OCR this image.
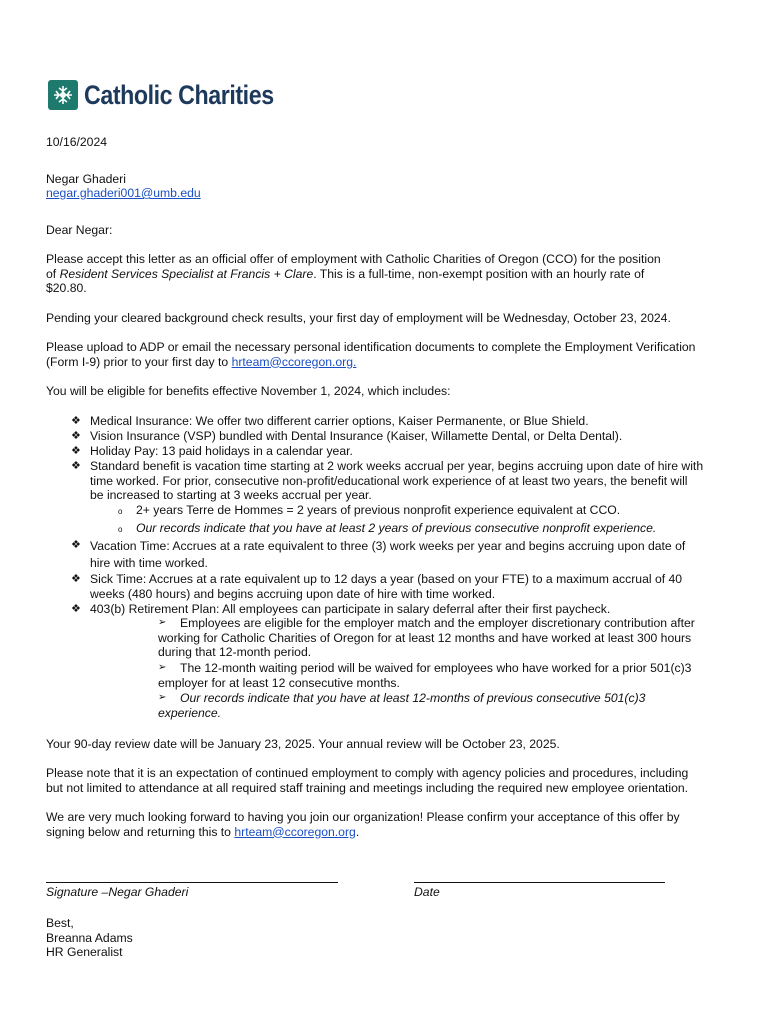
Catholic Charities

10/16/2024

Negar Ghaderi

negar.ghaderi001@umb.edu

Dear Negar:

Please accept this letter as an official offer of employment with Catholic Charities of Oregon (CCO) for the position
of Resident Services Specialist at Francis + Clare. This is a full-time, non-exempt position with an hourly rate of
$20.80.

Pending your cleared background check results, your first day of employment will be Wednesday, October 23, 2024.

Please upload to ADP or email the necessary personal identification documents to complete the Employment Verification
(Form I-9) prior to your first day to hrteam@ccoregon.org.

You will be eligible for benefits effective November 1, 2024, which includes:

❖ Medical Insurance: We offer two different carrier options, Kaiser Permanente, or Blue Shield.

❖ Vision Insurance (VSP) bundled with Dental Insurance (Kaiser, Willamette Dental, or Delta Dental).

❖ Holiday Pay: 13 paid holidays in a calendar year.

❖ Standard benefit is vacation time starting at 2 work weeks accrual per year, begins accruing upon date of hire with
time worked. For prior, consecutive non-profit/educational work experience of at least two years, the benefit will
be increased to starting at 3 weeks accrual per year.
o 2+ years Terre de Hommes = 2 years of previous nonprofit experience equivalent at CCO.

o Our records indicate that you have at least 2 years of previous consecutive nonprofit experience.

❖ Vacation Time: Accrues at a rate equivalent to three (3) work weeks per year and begins accruing upon date of
hire with time worked.
❖ Sick Time: Accrues at a rate equivalent up to 12 days a year (based on your FTE) to a maximum accrual of 40
weeks (480 hours) and begins accruing upon date of hire with time worked.
❖ 403(b) Retirement Plan: All employees can participate in salary deferral after their first paycheck.

➢	Employees are eligible for the employer match and the employer discretionary contribution after
working for Catholic Charities of Oregon for at least 12 months and have worked at least 300 hours
during that 12-month period.
➢	The 12-month waiting period will be waived for employees who have worked for a prior 501(c)3
employer for at least 12 consecutive months.
➢	Our records indicate that you have at least 12-months of previous consecutive 501(c)3
experience.

Your 90-day review date will be January 23, 2025. Your annual review will be October 23, 2025.

Please note that it is an expectation of continued employment to comply with agency policies and procedures, including
but not limited to attendance at all required staff training and meetings including the required new employee orientation.
We are very much looking forward to having you join our organization! Please confirm your acceptance of this offer by
signing below and returning this to hrteam@ccoregon.org.
Signature –Negar Ghaderi	Date
Best,
Breanna Adams
HR Generalist
